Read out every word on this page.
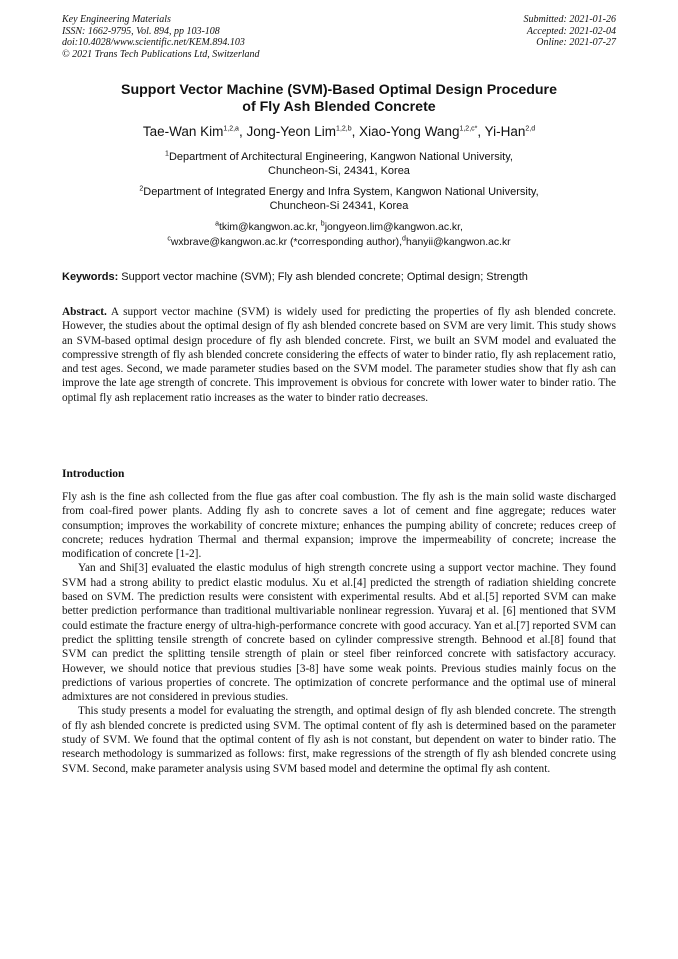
Key Engineering Materials
ISSN: 1662-9795, Vol. 894, pp 103-108
doi:10.4028/www.scientific.net/KEM.894.103
© 2021 Trans Tech Publications Ltd, Switzerland
Submitted: 2021-01-26
Accepted: 2021-02-04
Online: 2021-07-27
Support Vector Machine (SVM)-Based Optimal Design Procedure
of Fly Ash Blended Concrete
Tae-Wan Kim$^{1,2,a}$, Jong-Yeon Lim$^{1,2,b}$, Xiao-Yong Wang$^{1,2,c*}$, Yi-Han$^{2,d}$
$^1$Department of Architectural Engineering, Kangwon National University,
Chuncheon-Si, 24341, Korea
$^2$Department of Integrated Energy and Infra System, Kangwon National University,
Chuncheon-Si 24341, Korea
$^a$tkim@kangwon.ac.kr, $^b$jongyeon.lim@kangwon.ac.kr,
$^c$wxbrave@kangwon.ac.kr (*corresponding author),$^d$hanyii@kangwon.ac.kr
Keywords: Support vector machine (SVM); Fly ash blended concrete; Optimal design; Strength
Abstract. A support vector machine (SVM) is widely used for predicting the properties of fly ash blended concrete. However, the studies about the optimal design of fly ash blended concrete based on SVM are very limit. This study shows an SVM-based optimal design procedure of fly ash blended concrete. First, we built an SVM model and evaluated the compressive strength of fly ash blended concrete considering the effects of water to binder ratio, fly ash replacement ratio, and test ages. Second, we made parameter studies based on the SVM model. The parameter studies show that fly ash can improve the late age strength of concrete. This improvement is obvious for concrete with lower water to binder ratio. The optimal fly ash replacement ratio increases as the water to binder ratio decreases.
Introduction

Fly ash is the fine ash collected from the flue gas after coal combustion. The fly ash is the main solid waste discharged from coal-fired power plants. Adding fly ash to concrete saves a lot of cement and fine aggregate; reduces water consumption; improves the workability of concrete mixture; enhances the pumping ability of concrete; reduces creep of concrete; reduces hydration Thermal and thermal expansion; improve the impermeability of concrete; increase the modification of concrete [1-2].

Yan and Shi[3] evaluated the elastic modulus of high strength concrete using a support vector machine. They found SVM had a strong ability to predict elastic modulus. Xu et al.[4] predicted the strength of radiation shielding concrete based on SVM. The prediction results were consistent with experimental results. Abd et al.[5] reported SVM can make better prediction performance than traditional multivariable nonlinear regression. Yuvaraj et al. [6] mentioned that SVM could estimate the fracture energy of ultra-high-performance concrete with good accuracy. Yan et al.[7] reported SVM can predict the splitting tensile strength of concrete based on cylinder compressive strength. Behnood et al.[8] found that SVM can predict the splitting tensile strength of plain or steel fiber reinforced concrete with satisfactory accuracy. However, we should notice that previous studies [3-8] have some weak points. Previous studies mainly focus on the predictions of various properties of concrete. The optimization of concrete performance and the optimal use of mineral admixtures are not considered in previous studies.

This study presents a model for evaluating the strength, and optimal design of fly ash blended concrete. The strength of fly ash blended concrete is predicted using SVM. The optimal content of fly ash is determined based on the parameter study of SVM. We found that the optimal content of fly ash is not constant, but dependent on water to binder ratio. The research methodology is summarized as follows: first, make regressions of the strength of fly ash blended concrete using SVM. Second, make parameter analysis using SVM based model and determine the optimal fly ash content.
